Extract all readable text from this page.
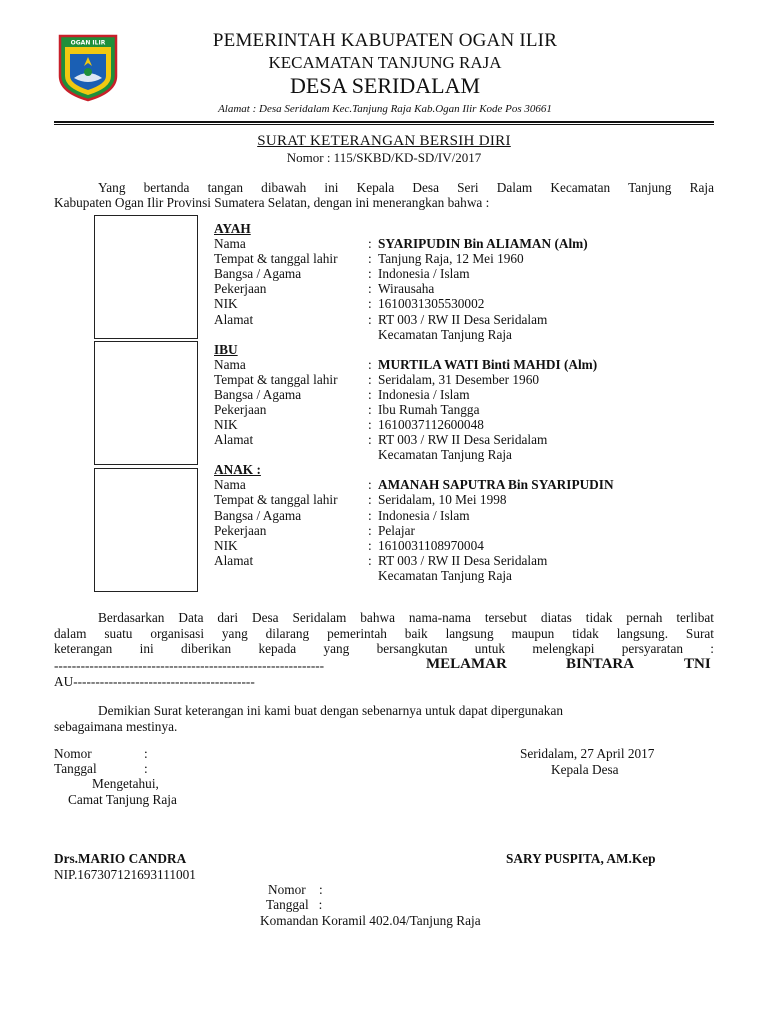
OGAN ILIR	PEMERINTAH KABUPATEN OGAN ILIR
KECAMATAN TANJUNG RAJA
DESA SERIDALAM
Alamat : Desa Seridalam Kec.Tanjung Raja Kab.Ogan Ilir Kode Pos 30661
SURAT KETERANGAN BERSIH DIRI
Nomor : 115/SKBD/KD-SD/IV/2017
Yang bertanda tangan dibawah ini Kepala Desa Seri Dalam Kecamatan Tanjung Raja
Kabupaten Ogan Ilir Provinsi Sumatera Selatan, dengan ini menerangkan bahwa :
AYAH
Nama	: SYARIPUDIN Bin ALIAMAN (Alm)
Tempat & tanggal lahir : Tanjung Raja, 12 Mei 1960
Bangsa / Agama	: Indonesia / Islam
Pekerjaan	: Wirausaha
NIK	: 1610031305530002
Alamat	: RT 003 / RW II Desa Seridalam
Kecamatan Tanjung Raja
IBU
Nama	: MURTILA WATI Binti MAHDI (Alm)
Tempat & tanggal lahir : Seridalam, 31 Desember 1960
Bangsa / Agama	: Indonesia / Islam
Pekerjaan	: Ibu Rumah Tangga
NIK	: 1610037112600048
Alamat	: RT 003 / RW II Desa Seridalam
Kecamatan Tanjung Raja
ANAK :
Nama	: AMANAH SAPUTRA Bin SYARIPUDIN
Tempat & tanggal lahir : Seridalam, 10 Mei 1998
Bangsa / Agama	: Indonesia / Islam
Pekerjaan	: Pelajar
NIK	: 1610031108970004
Alamat	: RT 003 / RW II Desa Seridalam
Kecamatan Tanjung Raja
Berdasarkan Data dari Desa Seridalam bahwa nama-nama tersebut diatas tidak pernah terlibat
dalam suatu organisasi yang dilarang pemerintah baik langsung maupun tidak langsung. Surat
keterangan ini diberikan kepada yang bersangkutan untuk melengkapi persyaratan :
-------------------------------------------------------------	MELAMAR	BINTARA	TNI
AU-----------------------------------------
Demikian Surat keterangan ini kami buat dengan sebenarnya untuk dapat dipergunakan
sebagaimana mestinya.
Nomor	:
Tanggal	:
Mengetahui,
Camat Tanjung Raja
Seridalam, 27 April 2017
Kepala Desa
Drs.MARIO CANDRA
NIP.167307121693111001
SARY PUSPITA, AM.Kep
Nomor    :
Tanggal   :
Komandan Koramil 402.04/Tanjung Raja
